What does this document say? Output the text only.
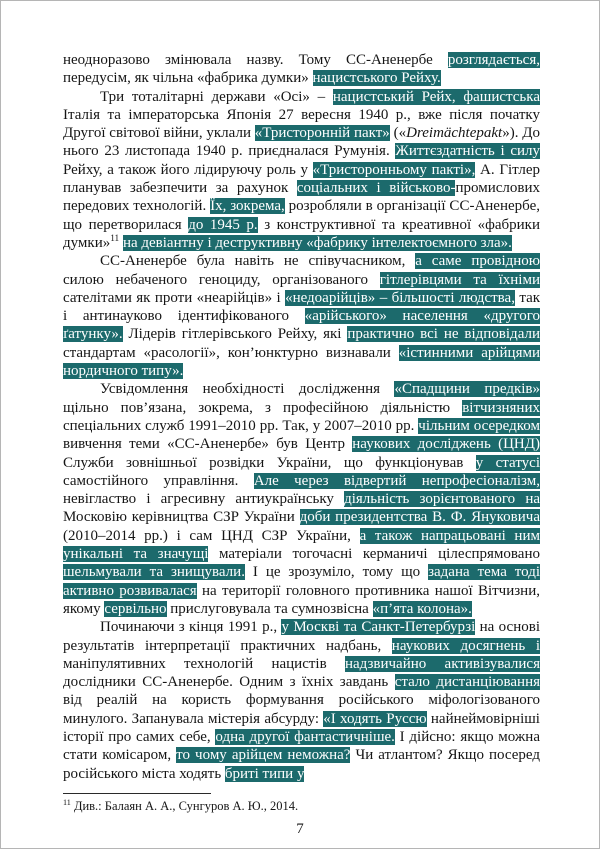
неодноразово змінювала назву. Тому СС-Аненербе розглядається, передусім, як чільна «фабрика думки» нацистського Рейху.

Три тоталітарні держави «Осі» – нацистський Рейх, фашистська Італія та імператорська Японія 27 вересня 1940 р., вже після початку Другої світової війни, уклали «Тристоронній пакт» («Dreimächtepakt»). До нього 23 листопада 1940 р. приєдналася Румунія. Життєздатність і силу Рейху, а також його лідируючу роль у «Тристоронньому пакті», А. Гітлер планував забезпечити за рахунок соціальних і військово-промислових передових технологій. Їх, зокрема, розробляли в організації СС-Аненербе, що перетворилася до 1945 р. з конструктивної та креативної «фабрики думки»$^{11}$ на девіантну і деструктивну «фабрику інтелектоємного зла».

СС-Аненербе була навіть не співучасником, а саме провідною силою небаченого геноциду, організованого гітлерівцями та їхніми сателітами як проти «неарійців» і «недоарійців» – більшості людства, так і антинауково ідентифікованого «арійського» населення «другого ґатунку». Лідерів гітлерівського Рейху, які практично всі не відповідали стандартам «расології», кон’юнктурно визнавали «істинними арійцями нордичного типу».

Усвідомлення необхідності дослідження «Спадщини предків» щільно пов’язана, зокрема, з професійною діяльністю вітчизняних спеціальних служб 1991–2010 рр. Так, у 2007–2010 рр. чільним осередком вивчення теми «СС-Аненербе» був Центр наукових досліджень (ЦНД) Служби зовнішньої розвідки України, що функціонував у статусі самостійного управління. Але через відвертий непрофесіоналізм, невігластво і агресивну антиукраїнську діяльність зорієнтованого на Московію керівництва СЗР України доби президентства В. Ф. Януковича (2010–2014 рр.) і сам ЦНД СЗР України, а також напрацьовані ним унікальні та значущі матеріали тогочасні керманичі цілеспрямовано шельмували та знищували. І це зрозуміло, тому що задана тема тоді активно розвивалася на території головного противника нашої Вітчизни, якому сервільно прислуговувала та сумнозвісна «п’ята колона».

Починаючи з кінця 1991 р., у Москві та Санкт-Петербурзі на основі результатів інтерпретації практичних надбань, наукових досягнень і маніпулятивних технологій нацистів надзвичайно активізувалися дослідники СС-Аненербе. Одним з їхніх завдань стало дистанціювання від реалій на користь формування російського міфологізованого минулого. Запанувала містерія абсурду: «І ходять Руссю найнеймовірніші історії про самих себе, одна другої фантастичніше. І дійсно: якщо можна стати комісаром, то чому арійцем неможна? Чи атлантом? Якщо посеред російського міста ходять бриті типи у

$^{11}$ Див.: Балаян А. А., Сунгуров А. Ю., 2014.
7
